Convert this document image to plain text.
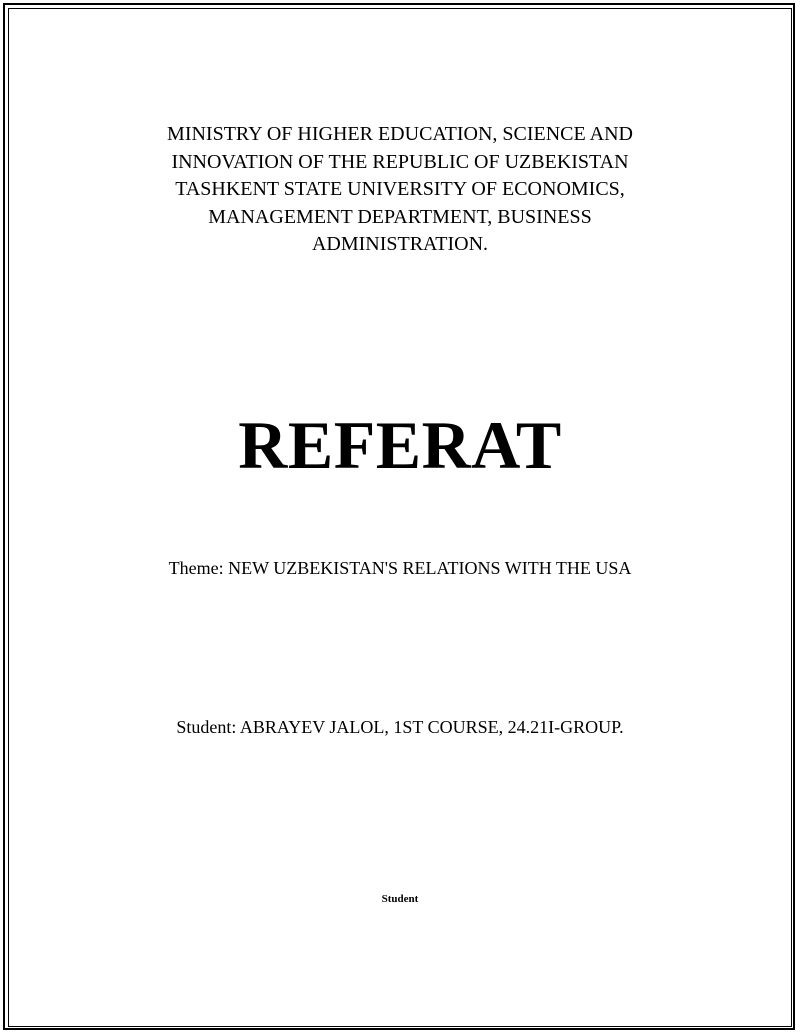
MINISTRY OF HIGHER EDUCATION, SCIENCE AND
INNOVATION OF THE REPUBLIC OF UZBEKISTAN
TASHKENT STATE UNIVERSITY OF ECONOMICS,
MANAGEMENT DEPARTMENT, BUSINESS
ADMINISTRATION.
REFERAT
Theme: NEW UZBEKISTAN'S RELATIONS WITH THE USA
Student: ABRAYEV JALOL, 1ST COURSE, 24.21I-GROUP.
Student
